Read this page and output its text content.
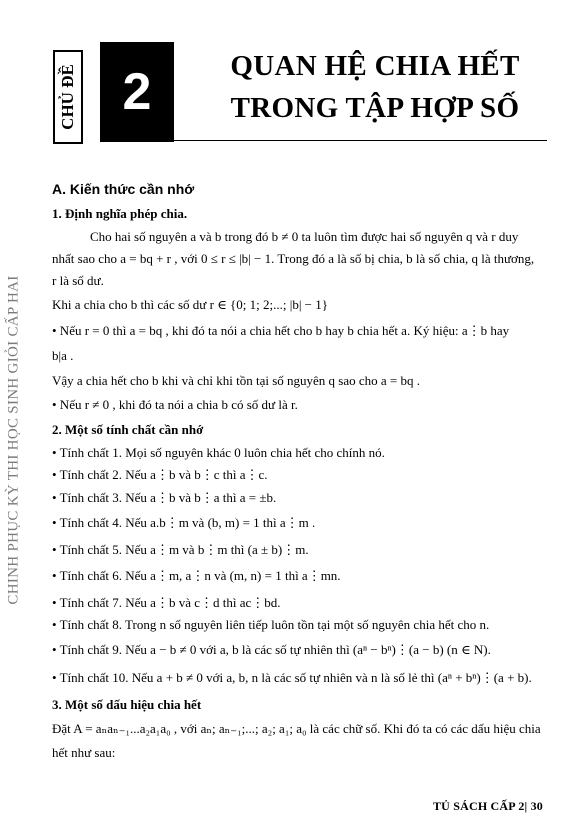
CHINH PHỤC KỲ THI HỌC SINH GIỎI CẤP HAI
CHỦ ĐỀ 2	QUAN HỆ CHIA HẾT
TRONG TẬP HỢP SỐ
A. Kiến thức cần nhớ
1. Định nghĩa phép chia.
Cho hai số nguyên a và b trong đó b ≠ 0 ta luôn tìm được hai số nguyên q và r duy
nhất sao cho a = bq + r , với 0 ≤ r ≤ |b| − 1. Trong đó a là số bị chia, b là số chia, q là thương,
r là số dư.
Khi a chia cho b thì các số dư r ∈ {0; 1; 2;...; |b| − 1}
• Nếu r = 0 thì a = bq , khi đó ta nói a chia hết cho b hay b chia hết a. Ký hiệu: a⋮b hay
b|a .
Vậy a chia hết cho b khi và chỉ khi tồn tại số nguyên q sao cho a = bq .
• Nếu r ≠ 0 , khi đó ta nói a chia b có số dư là r.
2. Một số tính chất cần nhớ
• Tính chất 1. Mọi số nguyên khác 0 luôn chia hết cho chính nó.
• Tính chất 2. Nếu a⋮b và b⋮c thì a⋮c.
• Tính chất 3. Nếu a⋮b và b⋮a thì a = ±b.
• Tính chất 4. Nếu a.b⋮m và (b, m) = 1 thì a⋮m .
• Tính chất 5. Nếu a⋮m và b⋮m thì (a ± b)⋮m.
• Tính chất 6. Nếu a⋮m, a⋮n và (m, n) = 1 thì a⋮mn.
• Tính chất 7. Nếu a⋮b và c⋮d thì ac⋮bd.
• Tính chất 8. Trong n số nguyên liên tiếp luôn tồn tại một số nguyên chia hết cho n.
• Tính chất 9. Nếu a − b ≠ 0 với a, b là các số tự nhiên thì (aⁿ − bⁿ)⋮(a − b) (n ∈ N).
• Tính chất 10. Nếu a + b ≠ 0 với a, b, n là các số tự nhiên và n là số lẻ thì (aⁿ + bⁿ)⋮(a + b).
3. Một số dấu hiệu chia hết
Đặt A = aₙaₙ₋₁...a₂a₁a₀ , với aₙ; aₙ₋₁;...; a₂; a₁; a₀ là các chữ số. Khi đó ta có các dấu hiệu chia
hết như sau:
TỦ SÁCH CẤP 2| 30
